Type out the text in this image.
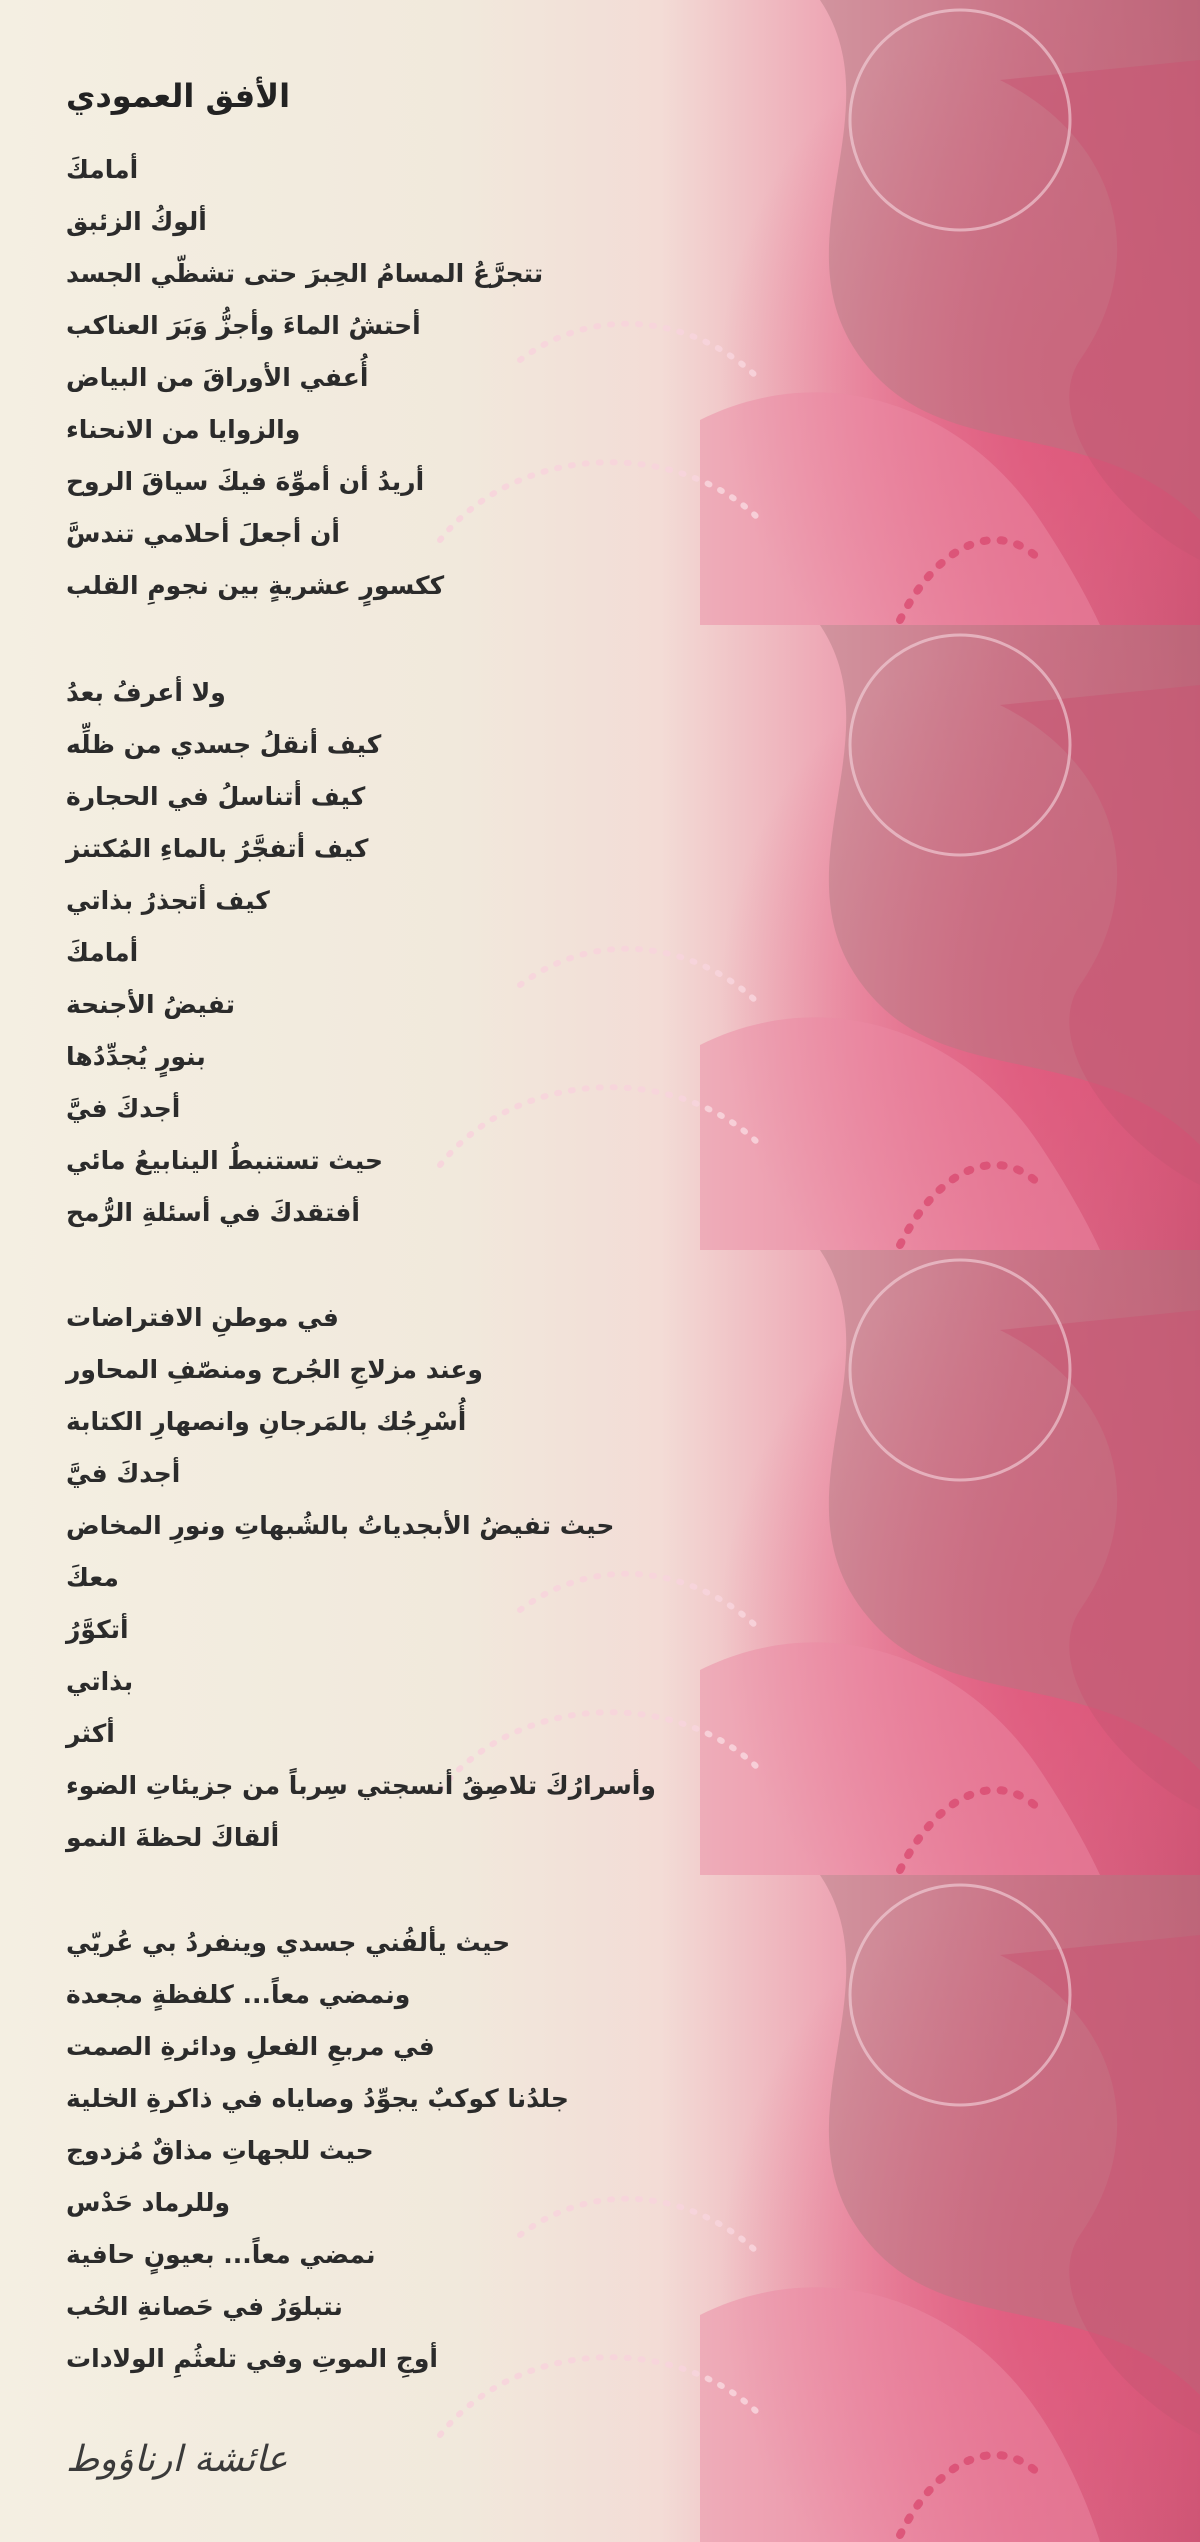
الأفق العمودي
أمامكَ
ألوكُ الزئبق
تتجرَّعُ المسامُ الحِبرَ حتى تشظّي الجسد
أحتشُ الماءَ وأجزُّ وَبَرَ العناكب
أُعفي الأوراقَ من البياض
والزوايا من الانحناء
أريدُ أن أموِّهَ فيكَ سياقَ الروح
أن أجعلَ أحلامي تندسَّ
ككسورٍ عشريةٍ بين نجومِ القلب
ولا أعرفُ بعدُ
كيف أنقلُ جسدي من ظلِّه
كيف أتناسلُ في الحجارة
كيف أتفجَّرُ بالماءِ المُكتنز
كيف أتجذرُ بذاتي
أمامكَ
تفيضُ الأجنحة
بنورٍ يُجدِّدُها
أجدكَ فيَّ
حيث تستنبطُ الينابيعُ مائي
أفتقدكَ في أسئلةِ الرُّمح
في موطنِ الافتراضات
وعند مزلاجِ الجُرح ومنصّفِ المحاور
أُسْرِجُك بالمَرجانِ وانصهارِ الكتابة
أجدكَ فيَّ
حيث تفيضُ الأبجدياتُ بالشُبهاتِ ونورِ المخاض
معكَ
أتكوَّرُ
بذاتي
أكثر
وأسرارُكَ تلاصِقُ أنسجتي سِرباً من جزيئاتِ الضوء
ألقاكَ لحظةَ النمو
حيث يألفُني جسدي وينفردُ بي عُريّي
ونمضي معاً... كلفظةٍ مجعدة
في مربعِ الفعلِ ودائرةِ الصمت
جلدُنا كوكبٌ يجوِّدُ وصاياه في ذاكرةِ الخلية
حيث للجهاتِ مذاقٌ مُزدوج
وللرماد حَدْس
نمضي معاً... بعيونٍ حافية
نتبلوَرُ في حَصانةِ الحُب
أوجِ الموتِ وفي تلعثُمِ الولادات
عائشة ارناؤوط
